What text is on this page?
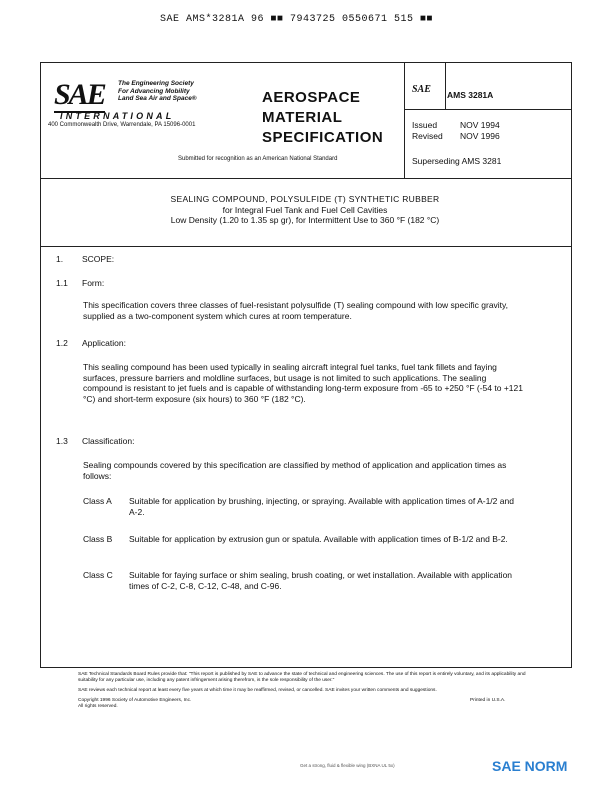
SAE AMS*3281A 96 ■■ 7943725 0550671 515 ■■
SAE The Engineering Society
For Advancing Mobility
Land Sea Air and Space®
INTERNATIONAL
400 Commonwealth Drive, Warrendale, PA 15096-0001
AEROSPACE
MATERIAL
SPECIFICATION
Submitted for recognition as an American National Standard
SAE AMS 3281A
Issued	NOV 1994
Revised NOV 1996
Superseding AMS 3281
SEALING COMPOUND, POLYSULFIDE (T) SYNTHETIC RUBBER
for Integral Fuel Tank and Fuel Cell Cavities
Low Density (1.20 to 1.35 sp gr), for Intermittent Use to 360 °F (182 °C)
1. SCOPE:
1.1 Form:
This specification covers three classes of fuel-resistant polysulfide (T) sealing compound with low specific gravity, supplied as a two-component system which cures at room temperature.
1.2 Application:
This sealing compound has been used typically in sealing aircraft integral fuel tanks, fuel tank fillets and faying surfaces, pressure barriers and moldline surfaces, but usage is not limited to such applications. The sealing compound is resistant to jet fuels and is capable of withstanding long-term exposure from -65 to +250 °F (-54 to +121 °C) and short-term exposure (six hours) to 360 °F (182 °C).
1.3 Classification:
Sealing compounds covered by this specification are classified by method of application and application times as follows:
Class A Suitable for application by brushing, injecting, or spraying. Available with application times of A-1/2 and A-2.
Class B Suitable for application by extrusion gun or spatula. Available with application times of B-1/2 and B-2.
Class C Suitable for faying surface or shim sealing, brush coating, or wet installation. Available with application times of C-2, C-8, C-12, C-48, and C-96.

SAE Technical Standards Board Rules provide that: "This report is published by SAE to advance the state of technical and engineering sciences. The use of this report is entirely voluntary, and its applicability and suitability for any particular use, including any patent infringement arising therefrom, is the sole responsibility of the user."

SAE reviews each technical report at least every five years at which time it may be reaffirmed, revised, or cancelled. SAE invites your written comments and suggestions.

Copyright 1996 Society of Automotive Engineers, Inc.
All rights reserved.
Printed in U.S.A.
Get a strong, fluid & flexible wing (BXNA UL 5x)	SAE NORM
